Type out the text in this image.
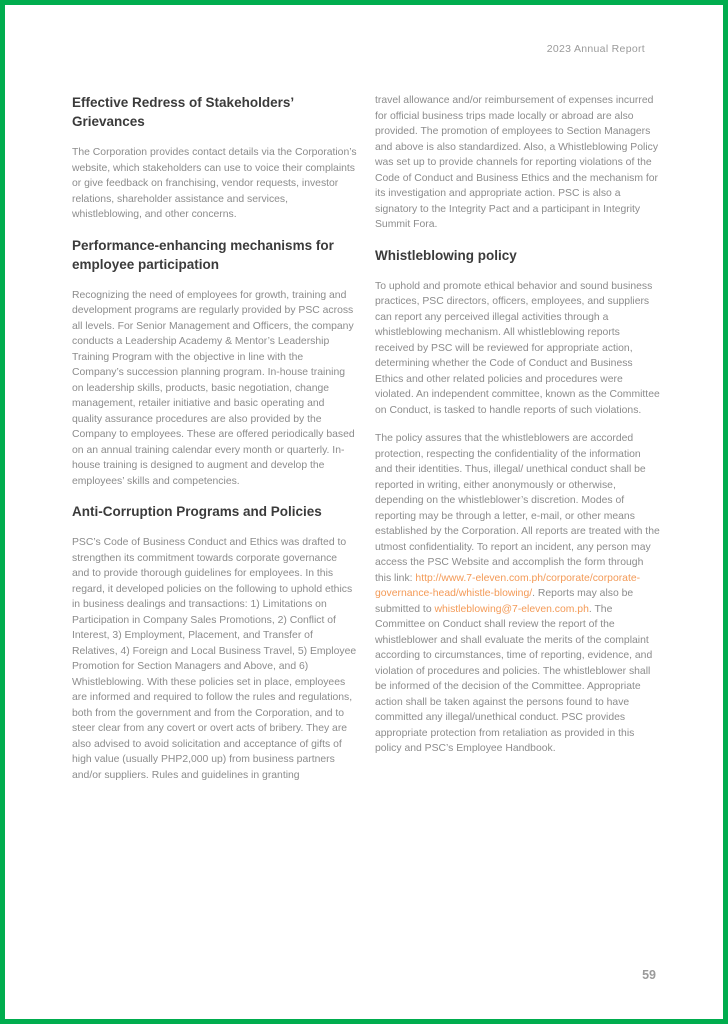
2023 Annual Report
Effective Redress of Stakeholders’ Grievances

The Corporation provides contact details via the Corporation’s website, which stakeholders can use to voice their complaints or give feedback on franchising, vendor requests, investor relations, shareholder assistance and services, whistleblowing, and other concerns.

Performance-enhancing mechanisms for employee participation

Recognizing the need of employees for growth, training and development programs are regularly provided by PSC across all levels. For Senior Management and Officers, the company conducts a Leadership Academy & Mentor’s Leadership Training Program with the objective in line with the Company’s succession planning program. In-house training on leadership skills, products, basic negotiation, change management, retailer initiative and basic operating and quality assurance procedures are also provided by the Company to employees. These are offered periodically based on an annual training calendar every month or quarterly. In-house training is designed to augment and develop the employees’ skills and competencies.

Anti-Corruption Programs and Policies

PSC’s Code of Business Conduct and Ethics was drafted to strengthen its commitment towards corporate governance and to provide thorough guidelines for employees. In this regard, it developed policies on the following to uphold ethics in business dealings and transactions: 1) Limitations on Participation in Company Sales Promotions, 2) Conflict of Interest, 3) Employment, Placement, and Transfer of Relatives, 4) Foreign and Local Business Travel, 5) Employee Promotion for Section Managers and Above, and 6) Whistleblowing. With these policies set in place, employees are informed and required to follow the rules and regulations, both from the government and from the Corporation, and to steer clear from any covert or overt acts of bribery. They are also advised to avoid solicitation and acceptance of gifts of high value (usually PHP2,000 up) from business partners and/or suppliers. Rules and guidelines in granting

travel allowance and/or reimbursement of expenses incurred for official business trips made locally or abroad are also provided. The promotion of employees to Section Managers and above is also standardized. Also, a Whistleblowing Policy was set up to provide channels for reporting violations of the Code of Conduct and Business Ethics and the mechanism for its investigation and appropriate action. PSC is also a signatory to the Integrity Pact and a participant in Integrity Summit Fora.

Whistleblowing policy

To uphold and promote ethical behavior and sound business practices, PSC directors, officers, employees, and suppliers can report any perceived illegal activities through a whistleblowing mechanism. All whistleblowing reports received by PSC will be reviewed for appropriate action, determining whether the Code of Conduct and Business Ethics and other related policies and procedures were violated. An independent committee, known as the Committee on Conduct, is tasked to handle reports of such violations.

The policy assures that the whistleblowers are accorded protection, respecting the confidentiality of the information and their identities. Thus, illegal/ unethical conduct shall be reported in writing, either anonymously or otherwise, depending on the whistleblower’s discretion. Modes of reporting may be through a letter, e-mail, or other means established by the Corporation. All reports are treated with the utmost confidentiality. To report an incident, any person may access the PSC Website and accomplish the form through this link: http://www.7-eleven.com.ph/corporate/corporate-governance-head/whistle-blowing/. Reports may also be submitted to whistleblowing@7-eleven.com.ph. The Committee on Conduct shall review the report of the whistleblower and shall evaluate the merits of the complaint according to circumstances, time of reporting, evidence, and violation of procedures and policies. The whistleblower shall be informed of the decision of the Committee. Appropriate action shall be taken against the persons found to have committed any illegal/unethical conduct. PSC provides appropriate protection from retaliation as provided in this policy and PSC’s Employee Handbook.

59
